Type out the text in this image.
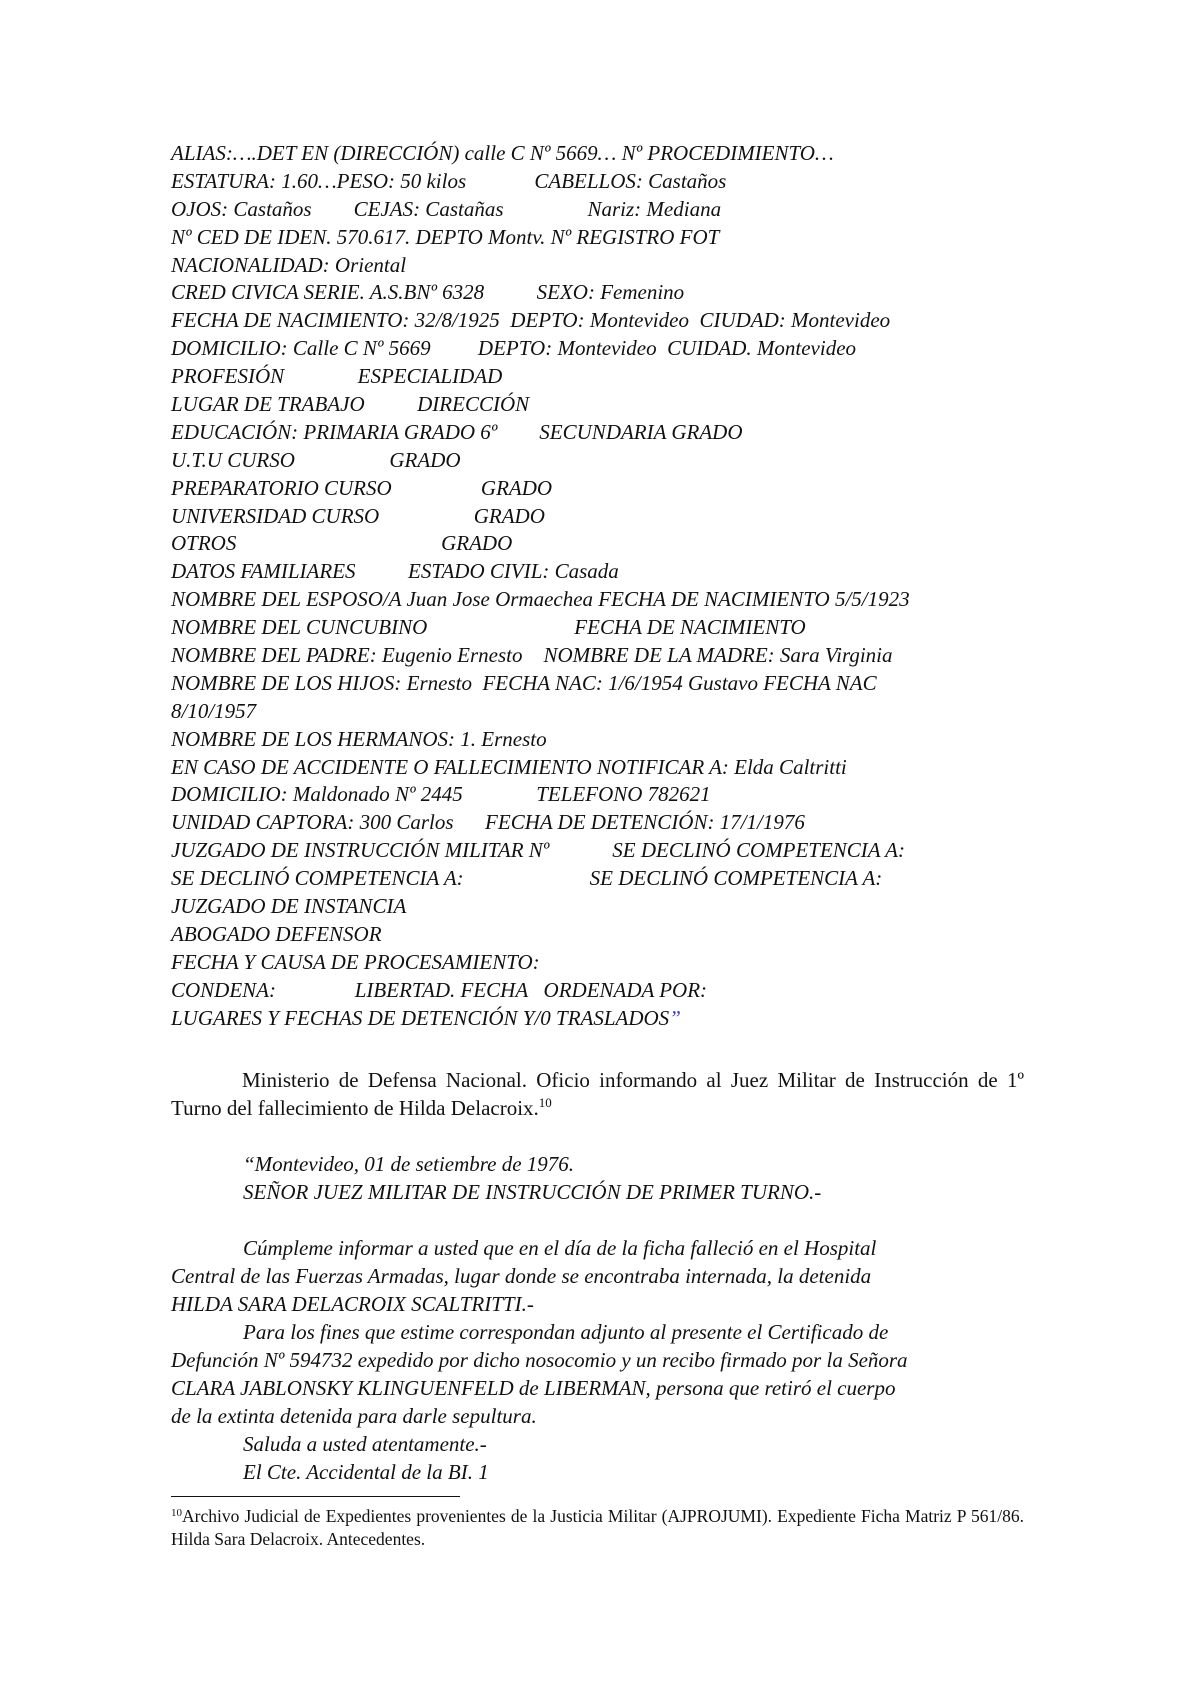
ALIAS:….DET EN (DIRECCIÓN) calle C Nº 5669… Nº PROCEDIMIENTO…
ESTATURA: 1.60…PESO: 50 kilos             CABELLOS: Castaños
OJOS: Castaños        CEJAS: Castañas                Nariz: Mediana
Nº CED DE IDEN. 570.617. DEPTO Montv. Nº REGISTRO FOT
NACIONALIDAD: Oriental
CRED CIVICA SERIE. A.S.BNº 6328          SEXO: Femenino
FECHA DE NACIMIENTO: 32/8/1925  DEPTO: Montevideo  CIUDAD: Montevideo
DOMICILIO: Calle C Nº 5669         DEPTO: Montevideo  CUIDAD. Montevideo
PROFESIÓN              ESPECIALIDAD
LUGAR DE TRABAJO          DIRECCIÓN
EDUCACIÓN: PRIMARIA GRADO 6º        SECUNDARIA GRADO
U.T.U CURSO                  GRADO
PREPARATORIO CURSO                 GRADO
UNIVERSIDAD CURSO                  GRADO
OTROS                                       GRADO
DATOS FAMILIARES          ESTADO CIVIL: Casada
NOMBRE DEL ESPOSO/A Juan Jose Ormaechea FECHA DE NACIMIENTO 5/5/1923
NOMBRE DEL CUNCUBINO                            FECHA DE NACIMIENTO
NOMBRE DEL PADRE: Eugenio Ernesto    NOMBRE DE LA MADRE: Sara Virginia
NOMBRE DE LOS HIJOS: Ernesto  FECHA NAC: 1/6/1954 Gustavo FECHA NAC
8/10/1957
NOMBRE DE LOS HERMANOS: 1. Ernesto
EN CASO DE ACCIDENTE O FALLECIMIENTO NOTIFICAR A: Elda Caltritti
DOMICILIO: Maldonado Nº 2445              TELEFONO 782621
UNIDAD CAPTORA: 300 Carlos      FECHA DE DETENCIÓN: 17/1/1976
JUZGADO DE INSTRUCCIÓN MILITAR Nº            SE DECLINÓ COMPETENCIA A:
SE DECLINÓ COMPETENCIA A:                        SE DECLINÓ COMPETENCIA A:
JUZGADO DE INSTANCIA
ABOGADO DEFENSOR
FECHA Y CAUSA DE PROCESAMIENTO:
CONDENA:               LIBERTAD. FECHA   ORDENADA POR:
LUGARES Y FECHAS DE DETENCIÓN Y/0 TRASLADOS”
Ministerio de Defensa Nacional. Oficio informando al Juez Militar de Instrucción de 1º Turno del fallecimiento de Hilda Delacroix.$^{10}$
“Montevideo, 01 de setiembre de 1976.
SEÑOR JUEZ MILITAR DE INSTRUCCIÓN DE PRIMER TURNO.-
Cúmpleme informar a usted que en el día de la ficha falleció en el Hospital
Central de las Fuerzas Armadas, lugar donde se encontraba internada, la detenida
HILDA SARA DELACROIX SCALTRITTI.-
Para los fines que estime correspondan adjunto al presente el Certificado de
Defunción Nº 594732 expedido por dicho nosocomio y un recibo firmado por la Señora
CLARA JABLONSKY KLINGUENFELD de LIBERMAN, persona que retiró el cuerpo
de la extinta detenida para darle sepultura.
Saluda a usted atentamente.-
El Cte. Accidental de la BI. 1
$^{10}$Archivo Judicial de Expedientes provenientes de la Justicia Militar (AJPROJUMI). Expediente Ficha Matriz P 561/86. Hilda Sara Delacroix. Antecedentes.
